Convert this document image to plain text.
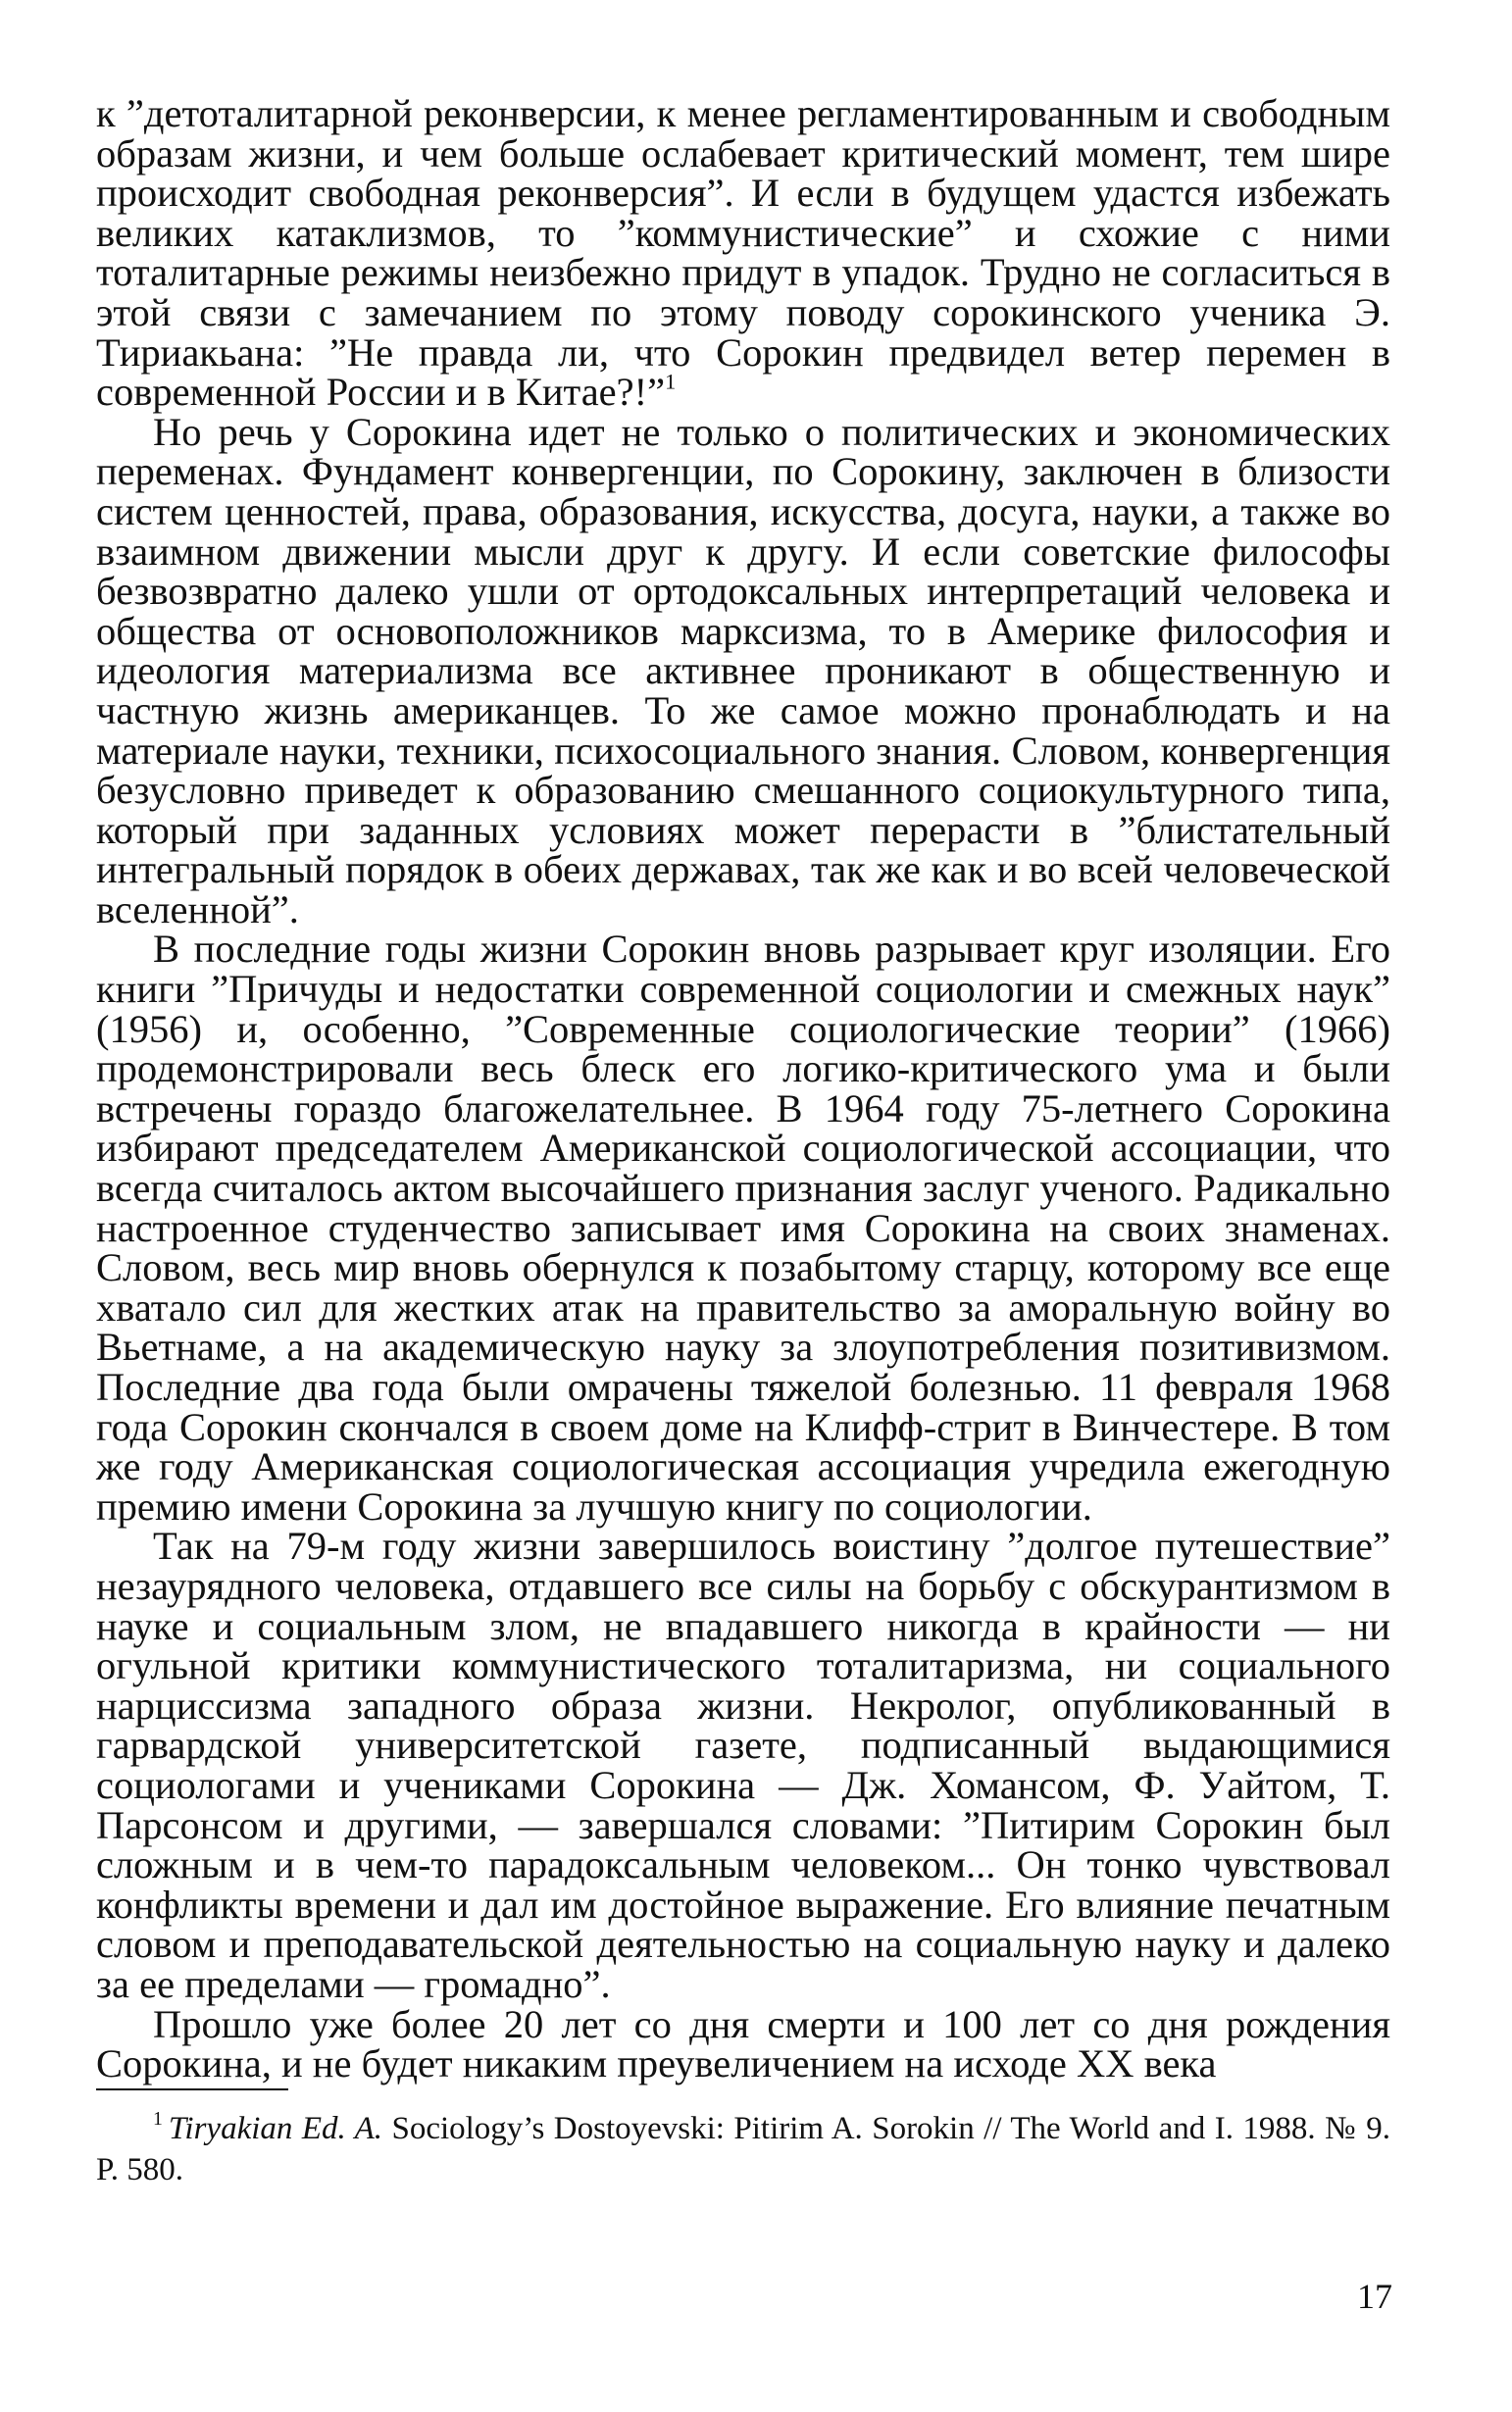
к ”детоталитарной реконверсии, к менее регламентированным и свободным образам жизни, и чем больше ослабевает критический момент, тем шире происходит свободная реконверсия”. И если в будущем удастся избежать великих катаклизмов, то ”коммунистические” и схожие с ними тоталитарные режимы неизбежно придут в упадок. Трудно не согласиться в этой связи с замечанием по этому поводу сорокинского ученика Э. Тириакьана: ”Не правда ли, что Сорокин предвидел ветер перемен в современной России и в Китае?!”$^1$

Но речь у Сорокина идет не только о политических и экономических переменах. Фундамент конвергенции, по Сорокину, заключен в близости систем ценностей, права, образования, искусства, досуга, науки, а также во взаимном движении мысли друг к другу. И если советские философы безвозвратно далеко ушли от ортодоксальных интерпретаций человека и общества от основоположников марксизма, то в Америке философия и идеология материализма все активнее проникают в общественную и частную жизнь американцев. То же самое можно пронаблюдать и на материале науки, техники, психосоциального знания. Словом, конвергенция безусловно приведет к образованию смешанного социокультурного типа, который при заданных условиях может перерасти в ”блистательный интегральный порядок в обеих державах, так же как и во всей человеческой вселенной”.

В последние годы жизни Сорокин вновь разрывает круг изоляции. Его книги ”Причуды и недостатки современной социологии и смежных наук” (1956) и, особенно, ”Современные социологические теории” (1966) продемонстрировали весь блеск его логико-критического ума и были встречены гораздо благожелательнее. В 1964 году 75-летнего Сорокина избирают председателем Американской социологической ассоциации, что всегда считалось актом высочайшего признания заслуг ученого. Радикально настроенное студенчество записывает имя Сорокина на своих знаменах. Словом, весь мир вновь обернулся к позабытому старцу, которому все еще хватало сил для жестких атак на правительство за аморальную войну во Вьетнаме, а на академическую науку за злоупотребления позитивизмом. Последние два года были омрачены тяжелой болезнью. 11 февраля 1968 года Сорокин скончался в своем доме на Клифф-стрит в Винчестере. В том же году Американская социологическая ассоциация учредила ежегодную премию имени Сорокина за лучшую книгу по социологии.

Так на 79-м году жизни завершилось воистину ”долгое путешествие” незаурядного человека, отдавшего все силы на борьбу с обскурантизмом в науке и социальным злом, не впадавшего никогда в крайности — ни огульной критики коммунистического тоталитаризма, ни социального нарциссизма западного образа жизни. Некролог, опубликованный в гарвардской университетской газете, подписанный выдающимися социологами и учениками Сорокина — Дж. Хомансом, Ф. Уайтом, Т. Парсонсом и другими, — завершался словами: ”Питирим Сорокин был сложным и в чем-то парадоксальным человеком... Он тонко чувствовал конфликты времени и дал им достойное выражение. Его влияние печатным словом и преподавательской деятельностью на социальную науку и далеко за ее пределами — громадно”.

Прошло уже более 20 лет со дня смерти и 100 лет со дня рождения Сорокина, и не будет никаким преувеличением на исходе XX века

$^1$ Tiryakian Ed. A. Sociology’s Dostoyevski: Pitirim A. Sorokin // The World and I. 1988. № 9. P. 580.

17
